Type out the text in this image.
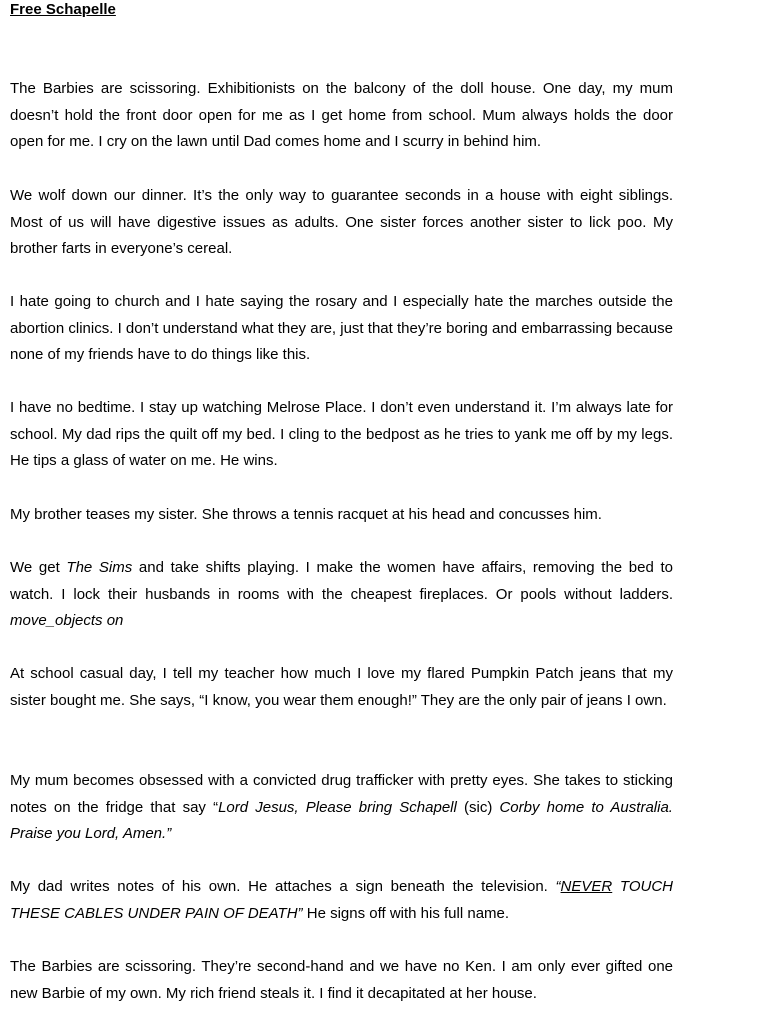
Free Schapelle

The Barbies are scissoring. Exhibitionists on the balcony of the doll house. One day, my mum doesn’t hold the front door open for me as I get home from school. Mum always holds the door open for me. I cry on the lawn until Dad comes home and I scurry in behind him.

We wolf down our dinner. It’s the only way to guarantee seconds in a house with eight siblings. Most of us will have digestive issues as adults. One sister forces another sister to lick poo. My brother farts in everyone’s cereal.

I hate going to church and I hate saying the rosary and I especially hate the marches outside the abortion clinics. I don’t understand what they are, just that they’re boring and embarrassing because none of my friends have to do things like this.

I have no bedtime. I stay up watching Melrose Place. I don’t even understand it. I’m always late for school. My dad rips the quilt off my bed. I cling to the bedpost as he tries to yank me off by my legs. He tips a glass of water on me. He wins.

My brother teases my sister. She throws a tennis racquet at his head and concusses him.

We get The Sims and take shifts playing. I make the women have affairs, removing the bed to watch. I lock their husbands in rooms with the cheapest fireplaces. Or pools without ladders. move_objects on

At school casual day, I tell my teacher how much I love my flared Pumpkin Patch jeans that my sister bought me. She says, “I know, you wear them enough!” They are the only pair of jeans I own.

My mum becomes obsessed with a convicted drug trafficker with pretty eyes. She takes to sticking notes on the fridge that say “Lord Jesus, Please bring Schapell (sic) Corby home to Australia. Praise you Lord, Amen.”

My dad writes notes of his own. He attaches a sign beneath the television. “NEVER TOUCH THESE CABLES UNDER PAIN OF DEATH” He signs off with his full name.

The Barbies are scissoring. They’re second-hand and we have no Ken. I am only ever gifted one new Barbie of my own. My rich friend steals it. I find it decapitated at her house.
